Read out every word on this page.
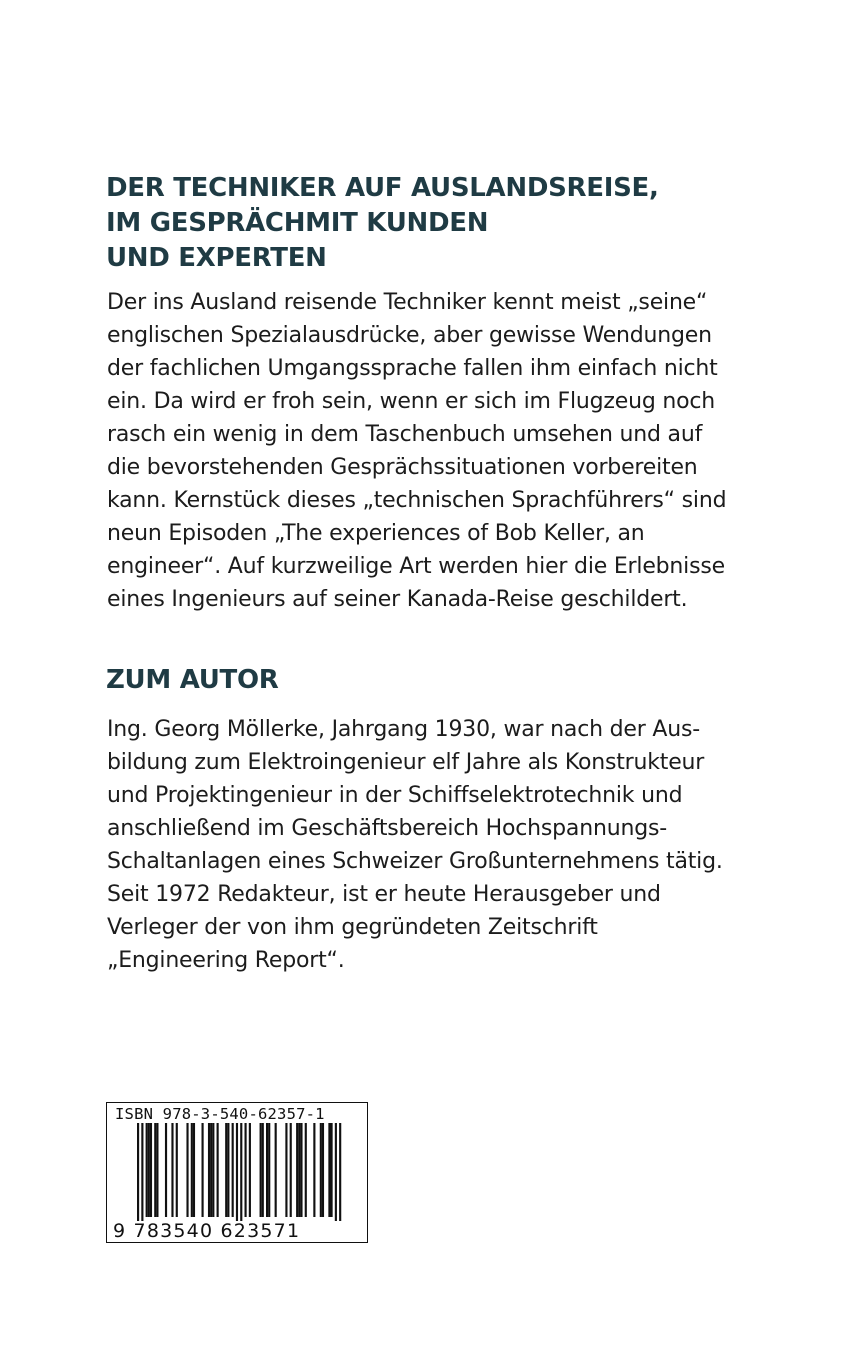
DER TECHNIKER AUF AUSLANDSREISE,
IM GESPRÄCHMIT KUNDEN
UND EXPERTEN

Der ins Ausland reisende Techniker kennt meist „seine“
englischen Spezialausdrücke, aber gewisse Wendungen
der fachlichen Umgangssprache fallen ihm einfach nicht
ein. Da wird er froh sein, wenn er sich im Flugzeug noch
rasch ein wenig in dem Taschenbuch umsehen und auf
die bevorstehenden Gesprächssituationen vorbereiten
kann. Kernstück dieses „technischen Sprachführers“ sind
neun Episoden „The experiences of Bob Keller, an
engineer“. Auf kurzweilige Art werden hier die Erlebnisse
eines Ingenieurs auf seiner Kanada-Reise geschildert.

ZUM AUTOR

Ing. Georg Möllerke, Jahrgang 1930, war nach der Aus-
bildung zum Elektroingenieur elf Jahre als Konstrukteur
und Projektingenieur in der Schiffselektrotechnik und
anschließend im Geschäftsbereich Hochspannungs-
Schaltanlagen eines Schweizer Großunternehmens tätig.
Seit 1972 Redakteur, ist er heute Herausgeber und
Verleger der von ihm gegründeten Zeitschrift
„Engineering Report“.

ISBN 978-3-540-62357-1
9 783540 623571
